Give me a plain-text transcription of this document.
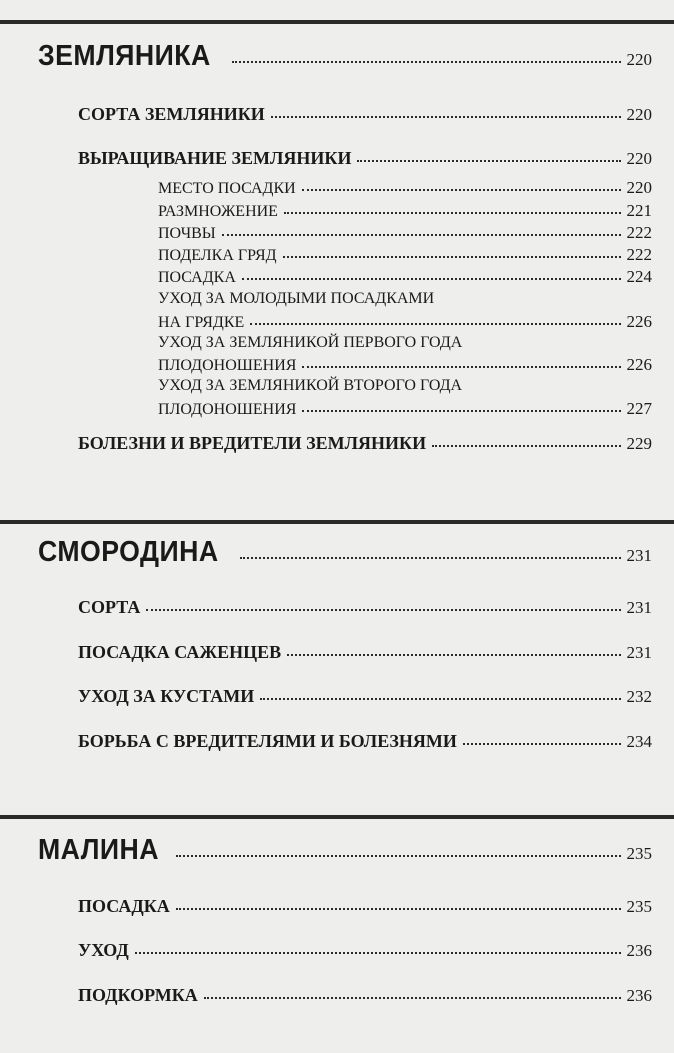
ЗЕМЛЯНИКА	220
СОРТА ЗЕМЛЯНИКИ	220
ВЫРАЩИВАНИЕ ЗЕМЛЯНИКИ	220
МЕСТО ПОСАДКИ	220
РАЗМНОЖЕНИЕ	221
ПОЧВЫ	222
ПОДЕЛКА ГРЯД	222
ПОСАДКА	224
УХОД ЗА МОЛОДЫМИ ПОСАДКАМИ
НА ГРЯДКЕ	226
УХОД ЗА ЗЕМЛЯНИКОЙ ПЕРВОГО ГОДА
ПЛОДОНОШЕНИЯ	226
УХОД ЗА ЗЕМЛЯНИКОЙ ВТОРОГО ГОДА
ПЛОДОНОШЕНИЯ	227
БОЛЕЗНИ И ВРЕДИТЕЛИ ЗЕМЛЯНИКИ	229
СМОРОДИНА	231
СОРТА	231
ПОСАДКА САЖЕНЦЕВ	231
УХОД ЗА КУСТАМИ	232
БОРЬБА С ВРЕДИТЕЛЯМИ И БОЛЕЗНЯМИ	234
МАЛИНА	235
ПОСАДКА	235
УХОД	236
ПОДКОРМКА	236
